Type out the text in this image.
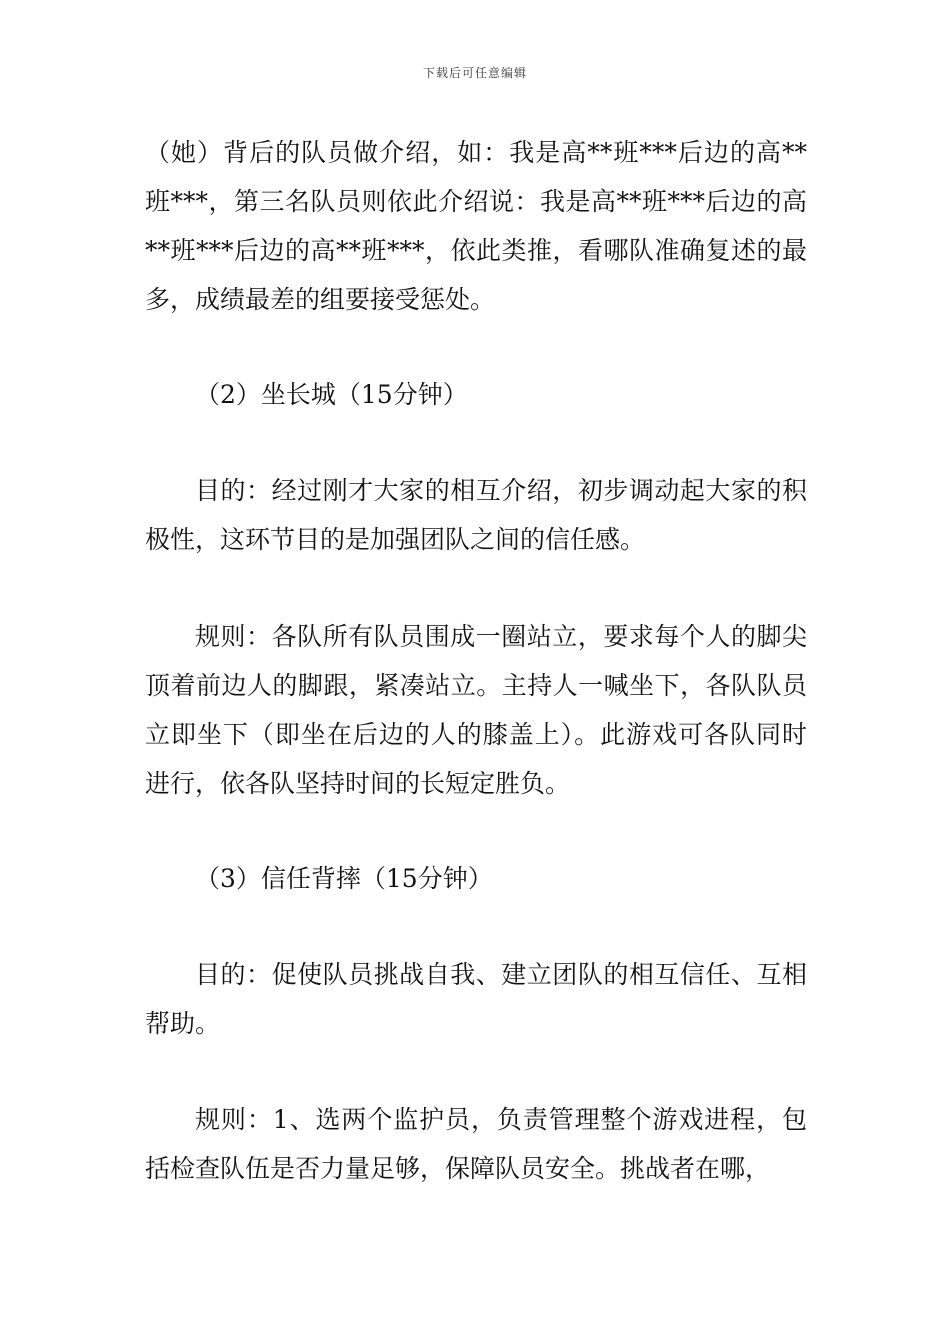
下载后可任意编辑

（她）背后的队员做介绍，如：我是高**班***后边的高**班***，第三名队员则依此介绍说：我是高**班***后边的高**班***后边的高**班***，依此类推，看哪队准确复述的最多，成绩最差的组要接受惩处。

（2）坐长城（15分钟）

目的：经过刚才大家的相互介绍，初步调动起大家的积极性，这环节目的是加强团队之间的信任感。

规则：各队所有队员围成一圈站立，要求每个人的脚尖顶着前边人的脚跟，紧凑站立。主持人一喊坐下，各队队员立即坐下（即坐在后边的人的膝盖上）。此游戏可各队同时进行，依各队坚持时间的长短定胜负。

（3）信任背摔（15分钟）

目的：促使队员挑战自我、建立团队的相互信任、互相帮助。

规则：1、选两个监护员，负责管理整个游戏进程，包括检查队伍是否力量足够，保障队员安全。挑战者在哪，
